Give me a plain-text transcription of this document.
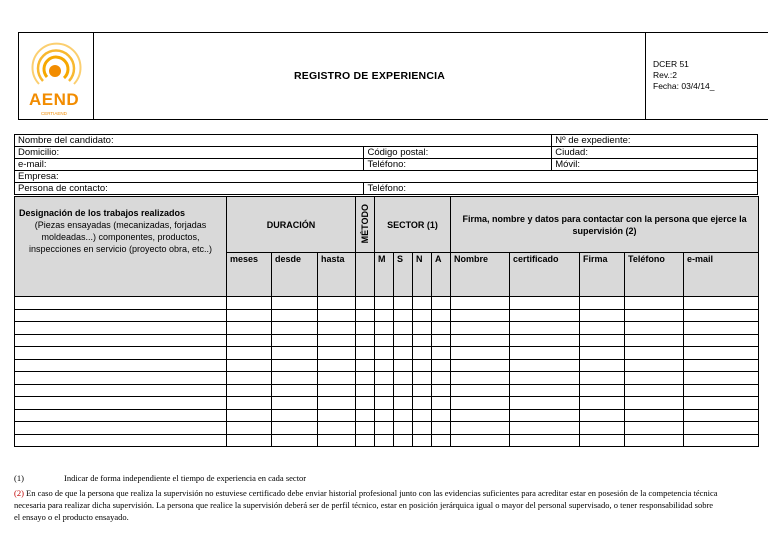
AEND
CERTIAEND
REGISTRO DE EXPERIENCIA
DCER 51
Rev.:2
Fecha: 03/4/14_
Nombre del candidato:		Nº de expediente:
Domicilio:	Código postal:	Ciudad:
e-mail:	Teléfono:	Móvil:
Empresa:		
Persona de contacto:	Teléfono:	
Designación de los trabajos realizados
(Piezas ensayadas (mecanizadas, forjadas moldeadas...) componentes, productos, inspecciones en servicio (proyecto obra, etc..)	DURACIÓN			MÉTODO	SECTOR (1)				Firma, nombre y datos para contactar con la persona que ejerce la supervisión (2)				
	meses	desde	hasta		M	S	N	A	Nombre	certificado	Firma	Teléfono	e-mail

(1)	Indicar de forma independiente el tiempo de experiencia en cada sector

(2) En caso de que la persona que realiza la supervisión no estuviese certificado debe enviar historial profesional junto con las evidencias suficientes para acreditar estar en posesión de la competencia técnica necesaria para realizar dicha supervisión. La persona que realice la supervisión deberá ser de perfil técnico, estar en posición jerárquica igual o mayor del personal supervisado, o tener responsabilidad sobre el ensayo o el producto ensayado.
